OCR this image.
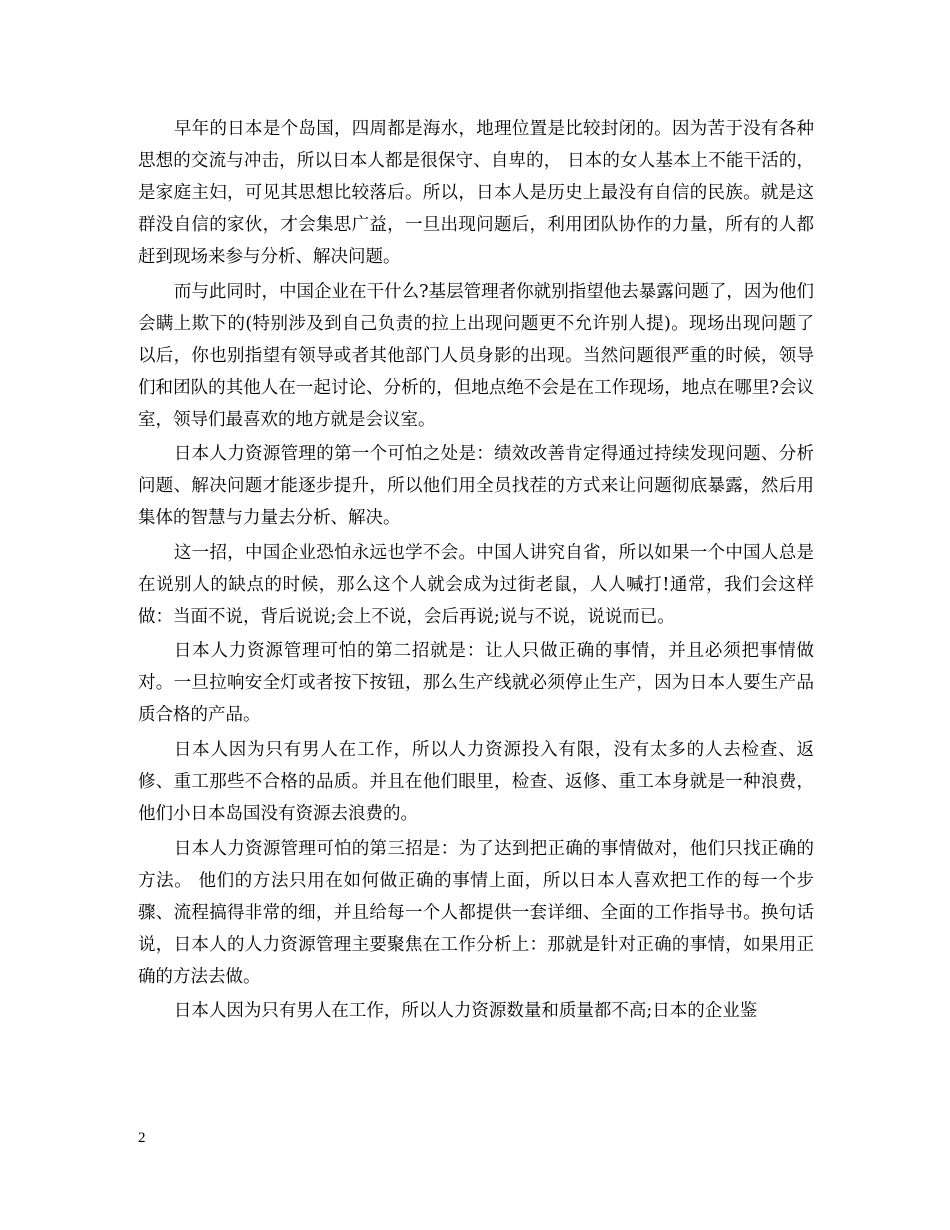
早年的日本是个岛国，四周都是海水，地理位置是比较封闭的。因为苦于没有各种思想的交流与冲击，所以日本人都是很保守、自卑的， 日本的女人基本上不能干活的，是家庭主妇，可见其思想比较落后。所以，日本人是历史上最没有自信的民族。就是这群没自信的家伙，才会集思广益，一旦出现问题后，利用团队协作的力量，所有的人都赶到现场来参与分析、解决问题。

而与此同时，中国企业在干什么?基层管理者你就别指望他去暴露问题了，因为他们会瞒上欺下的(特别涉及到自己负责的拉上出现问题更不允许别人提)。现场出现问题了以后，你也别指望有领导或者其他部门人员身影的出现。当然问题很严重的时候，领导们和团队的其他人在一起讨论、分析的，但地点绝不会是在工作现场，地点在哪里?会议室，领导们最喜欢的地方就是会议室。

日本人力资源管理的第一个可怕之处是：绩效改善肯定得通过持续发现问题、分析问题、解决问题才能逐步提升，所以他们用全员找茬的方式来让问题彻底暴露，然后用集体的智慧与力量去分析、解决。

这一招，中国企业恐怕永远也学不会。中国人讲究自省，所以如果一个中国人总是在说别人的缺点的时候，那么这个人就会成为过街老鼠，人人喊打!通常，我们会这样做：当面不说，背后说说;会上不说，会后再说;说与不说，说说而已。

日本人力资源管理可怕的第二招就是：让人只做正确的事情，并且必须把事情做对。一旦拉响安全灯或者按下按钮，那么生产线就必须停止生产，因为日本人要生产品质合格的产品。

日本人因为只有男人在工作，所以人力资源投入有限，没有太多的人去检查、返修、重工那些不合格的品质。并且在他们眼里，检查、返修、重工本身就是一种浪费，他们小日本岛国没有资源去浪费的。

日本人力资源管理可怕的第三招是：为了达到把正确的事情做对，他们只找正确的方法。 他们的方法只用在如何做正确的事情上面，所以日本人喜欢把工作的每一个步骤、流程搞得非常的细，并且给每一个人都提供一套详细、全面的工作指导书。换句话说，日本人的人力资源管理主要聚焦在工作分析上：那就是针对正确的事情，如果用正确的方法去做。

日本人因为只有男人在工作，所以人力资源数量和质量都不高;日本的企业鉴

2
